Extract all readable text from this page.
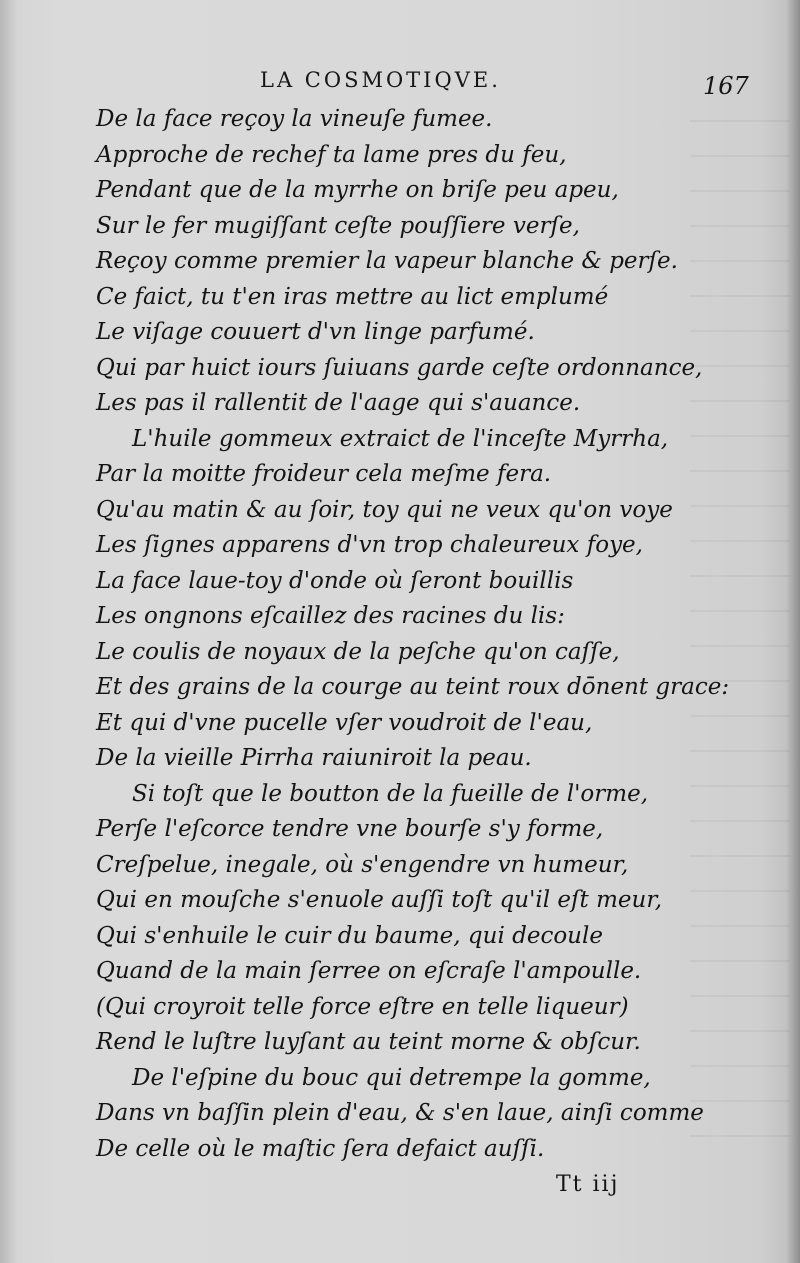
LA COSMOTIQVE.	167
De la face reçoy la vineuſe fumee.
Approche de rechef ta lame pres du feu,
Pendant que de la myrrhe on briſe peu apeu,
Sur le fer mugiſſant ceſte pouſſiere verſe,
Reçoy comme premier la vapeur blanche & perſe.
Ce faict, tu t'en iras mettre au lict emplumé
Le viſage couuert d'vn linge parfumé.
Qui par huict iours ſuiuans garde ceſte ordonnance,
Les pas il rallentit de l'aage qui s'auance.
L'huile gommeux extraict de l'inceſte Myrrha,
Par la moitte froideur cela meſme fera.
Qu'au matin & au ſoir, toy qui ne veux qu'on voye
Les ſignes apparens d'vn trop chaleureux foye,
La face laue-toy d'onde où ſeront bouillis
Les ongnons eſcaillez des racines du lis:
Le coulis de noyaux de la peſche qu'on caſſe,
Et des grains de la courge au teint roux dōnent grace:
Et qui d'vne pucelle vſer voudroit de l'eau,
De la vieille Pirrha raiuniroit la peau.
Si toſt que le boutton de la fueille de l'orme,
Perſe l'eſcorce tendre vne bourſe s'y forme,
Creſpelue, inegale, où s'engendre vn humeur,
Qui en mouſche s'enuole auſſi toſt qu'il eſt meur,
Qui s'enhuile le cuir du baume, qui decoule
Quand de la main ſerree on eſcraſe l'ampoulle.
(Qui croyroit telle force eſtre en telle liqueur)
Rend le luſtre luyſant au teint morne & obſcur.
De l'eſpine du bouc qui detrempe la gomme,
Dans vn baſſin plein d'eau, & s'en laue, ainſi comme
De celle où le maſtic ſera defaict auſſi.
Tt iij
